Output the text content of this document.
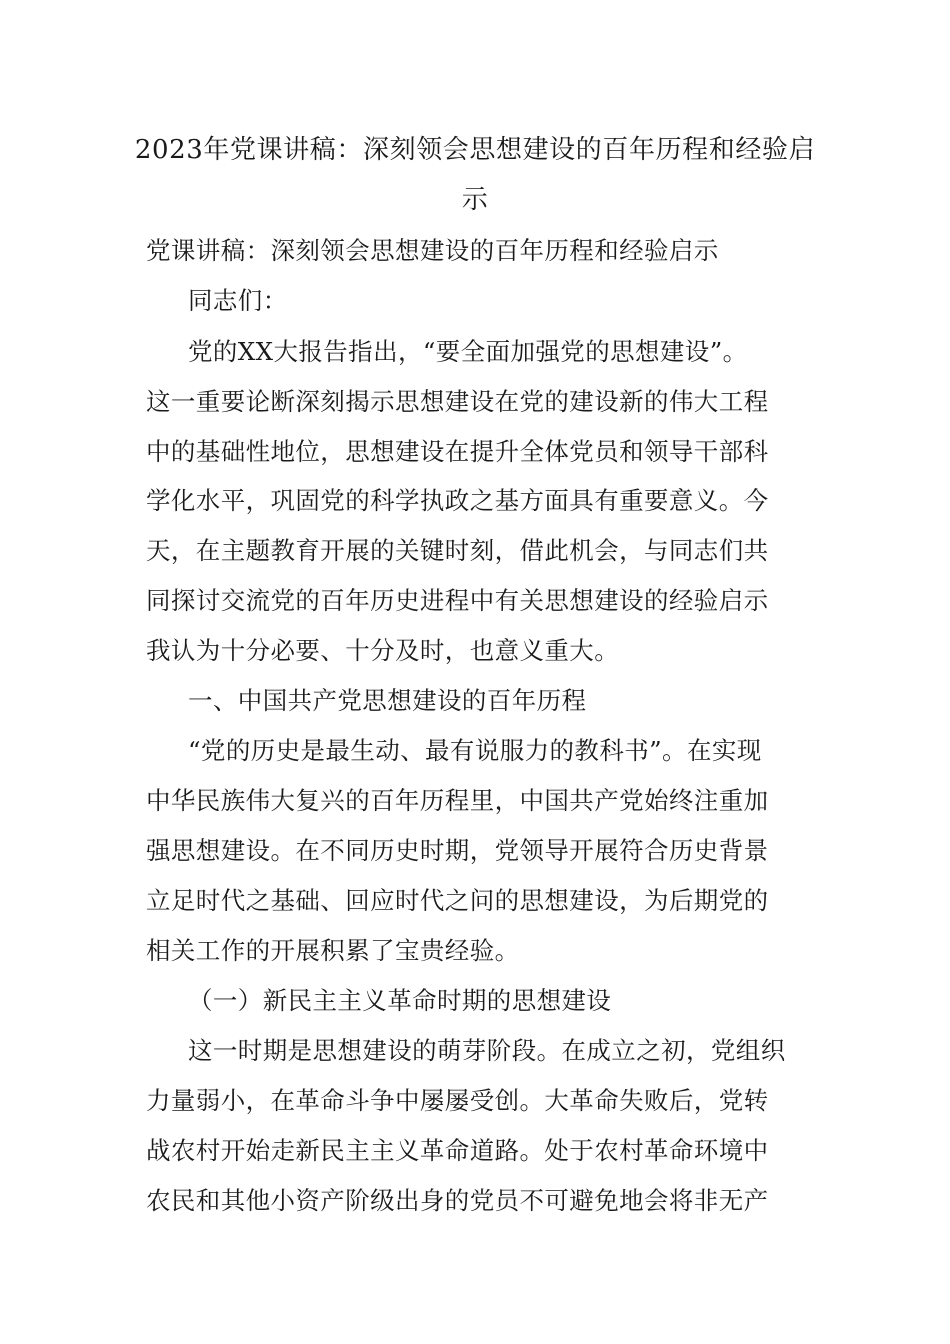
2023年党课讲稿：深刻领会思想建设的百年历程和经验启
示
党课讲稿：深刻领会思想建设的百年历程和经验启示
同志们：
党的XX大报告指出，“要全面加强党的思想建设”。
这一重要论断深刻揭示思想建设在党的建设新的伟大工程
中的基础性地位，思想建设在提升全体党员和领导干部科
学化水平，巩固党的科学执政之基方面具有重要意义。今
天，在主题教育开展的关键时刻，借此机会，与同志们共
同探讨交流党的百年历史进程中有关思想建设的经验启示
我认为十分必要、十分及时，也意义重大。
一、中国共产党思想建设的百年历程
“党的历史是最生动、最有说服力的教科书”。在实现
中华民族伟大复兴的百年历程里，中国共产党始终注重加
强思想建设。在不同历史时期，党领导开展符合历史背景
立足时代之基础、回应时代之问的思想建设，为后期党的
相关工作的开展积累了宝贵经验。
（一）新民主主义革命时期的思想建设
这一时期是思想建设的萌芽阶段。在成立之初，党组织
力量弱小，在革命斗争中屡屡受创。大革命失败后，党转
战农村开始走新民主主义革命道路。处于农村革命环境中
农民和其他小资产阶级出身的党员不可避免地会将非无产
